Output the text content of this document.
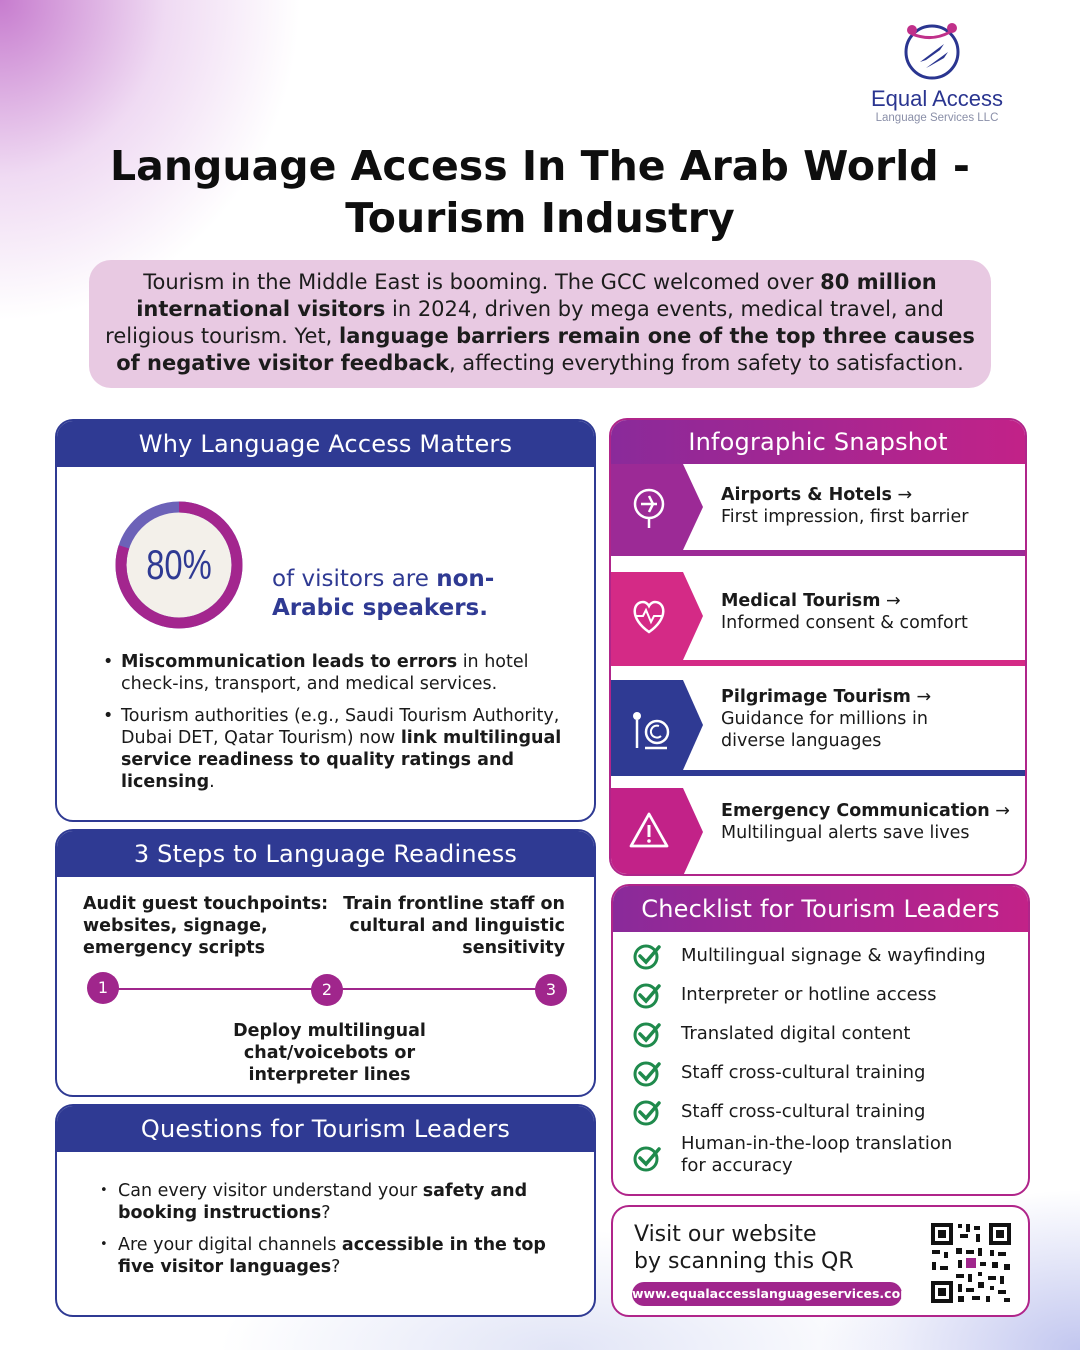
Equal Access
Language Services LLC
Language Access In The Arab World -
Tourism Industry
Tourism in the Middle East is booming. The GCC welcomed over 80 million international visitors in 2024, driven by mega events, medical travel, and religious tourism. Yet, language barriers remain one of the top three causes of negative visitor feedback, affecting everything from safety to satisfaction.
Why Language Access Matters
80%	of visitors are non-Arabic speakers.
• Miscommunication leads to errors in hotel check-ins, transport, and medical services.
• Tourism authorities (e.g., Saudi Tourism Authority, Dubai DET, Qatar Tourism) now link multilingual service readiness to quality ratings and licensing.
3 Steps to Language Readiness
Audit guest touchpoints: websites, signage, emergency scripts
Train frontline staff on cultural and linguistic sensitivity
1	2	3
Deploy multilingual chat/voicebots or interpreter lines
Questions for Tourism Leaders
• Can every visitor understand your safety and booking instructions?
• Are your digital channels accessible in the top five visitor languages?
Infographic Snapshot
Airports & Hotels →
First impression, first barrier
Medical Tourism →
Informed consent & comfort
Pilgrimage Tourism →
Guidance for millions in diverse languages
Emergency Communication →
Multilingual alerts save lives
Checklist for Tourism Leaders
Multilingual signage & wayfinding
Interpreter or hotline access
Translated digital content
Staff cross-cultural training
Staff cross-cultural training
Human-in-the-loop translation for accuracy
Visit our website
by scanning this QR
www.equalaccesslanguageservices.com
